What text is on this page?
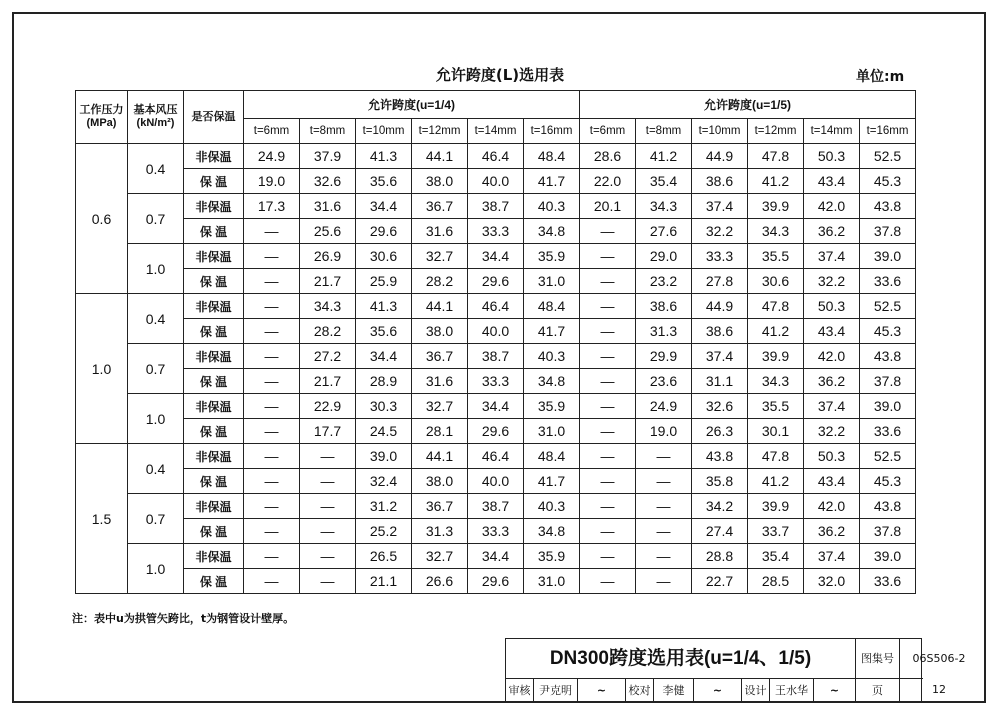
允许跨度(L)选用表	单位:m
工作压力(MPa)	基本风压(kN/m²)	是否保温	允许跨度(u=1/4)						允许跨度(u=1/5)					
			t=6mm	t=8mm	t=10mm	t=12mm	t=14mm	t=16mm	t=6mm	t=8mm	t=10mm	t=12mm	t=14mm	t=16mm
0.6	0.4	非保温	24.9	37.9	41.3	44.1	46.4	48.4	28.6	41.2	44.9	47.8	50.3	52.5
		保 温	19.0	32.6	35.6	38.0	40.0	41.7	22.0	35.4	38.6	41.2	43.4	45.3
	0.7	非保温	17.3	31.6	34.4	36.7	38.7	40.3	20.1	34.3	37.4	39.9	42.0	43.8
		保 温	—	25.6	29.6	31.6	33.3	34.8	—	27.6	32.2	34.3	36.2	37.8
	1.0	非保温	—	26.9	30.6	32.7	34.4	35.9	—	29.0	33.3	35.5	37.4	39.0
		保 温	—	21.7	25.9	28.2	29.6	31.0	—	23.2	27.8	30.6	32.2	33.6
1.0	0.4	非保温	—	34.3	41.3	44.1	46.4	48.4	—	38.6	44.9	47.8	50.3	52.5
		保 温	—	28.2	35.6	38.0	40.0	41.7	—	31.3	38.6	41.2	43.4	45.3
	0.7	非保温	—	27.2	34.4	36.7	38.7	40.3	—	29.9	37.4	39.9	42.0	43.8
		保 温	—	21.7	28.9	31.6	33.3	34.8	—	23.6	31.1	34.3	36.2	37.8
	1.0	非保温	—	22.9	30.3	32.7	34.4	35.9	—	24.9	32.6	35.5	37.4	39.0
		保 温	—	17.7	24.5	28.1	29.6	31.0	—	19.0	26.3	30.1	32.2	33.6
1.5	0.4	非保温	—	—	39.0	44.1	46.4	48.4	—	—	43.8	47.8	50.3	52.5
		保 温	—	—	32.4	38.0	40.0	41.7	—	—	35.8	41.2	43.4	45.3
	0.7	非保温	—	—	31.2	36.7	38.7	40.3	—	—	34.2	39.9	42.0	43.8
		保 温	—	—	25.2	31.3	33.3	34.8	—	—	27.4	33.7	36.2	37.8
	1.0	非保温	—	—	26.5	32.7	34.4	35.9	—	—	28.8	35.4	37.4	39.0
		保 温	—	—	21.1	26.6	29.6	31.0	—	—	22.7	28.5	32.0	33.6
注：表中u为拱管矢跨比，t为钢管设计壁厚。
DN300跨度选用表(u=1/4、1/5)	图集号
审核 尹克明	~	校对	李健	~	设计 王水华	~	页
06S506-2
12
